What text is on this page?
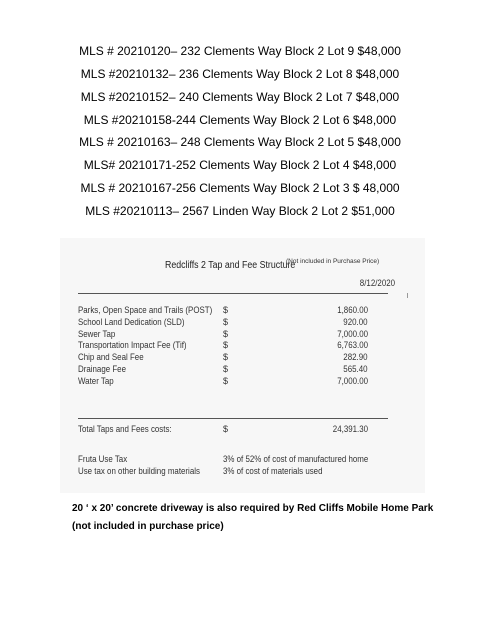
MLS # 20210120– 232 Clements Way Block 2 Lot 9 $48,000
MLS #20210132– 236 Clements Way Block 2 Lot 8 $48,000
MLS #20210152– 240 Clements Way Block 2 Lot 7 $48,000
MLS #20210158-244 Clements Way Block 2 Lot 6 $48,000
MLS # 20210163– 248 Clements Way Block 2 Lot 5 $48,000
MLS# 20210171-252 Clements Way Block 2 Lot 4 $48,000
MLS # 20210167-256 Clements Way Block 2 Lot 3 $ 48,000
MLS #20210113– 2567 Linden Way Block 2 Lot 2 $51,000
Redcliffs 2 Tap and Fee Structure
(Not included in Purchase Price)
8/12/2020
Parks, Open Space and Trails (POST) $	1,860.00
School Land Dedication (SLD)	$	920.00
Sewer Tap	$	7,000.00
Transportation Impact Fee (Tif)	$	6,763.00
Chip and Seal Fee	$	282.90
Drainage Fee	$	565.40
Water Tap	$	7,000.00
Total Taps and Fees costs:	$	24,391.30
Fruta Use Tax	3% of 52% of cost of manufactured home
Use tax on other building materials	3% of cost of materials used
20 ‘ x 20’ concrete driveway is also required by Red Cliffs Mobile Home Park
(not included in purchase price)
